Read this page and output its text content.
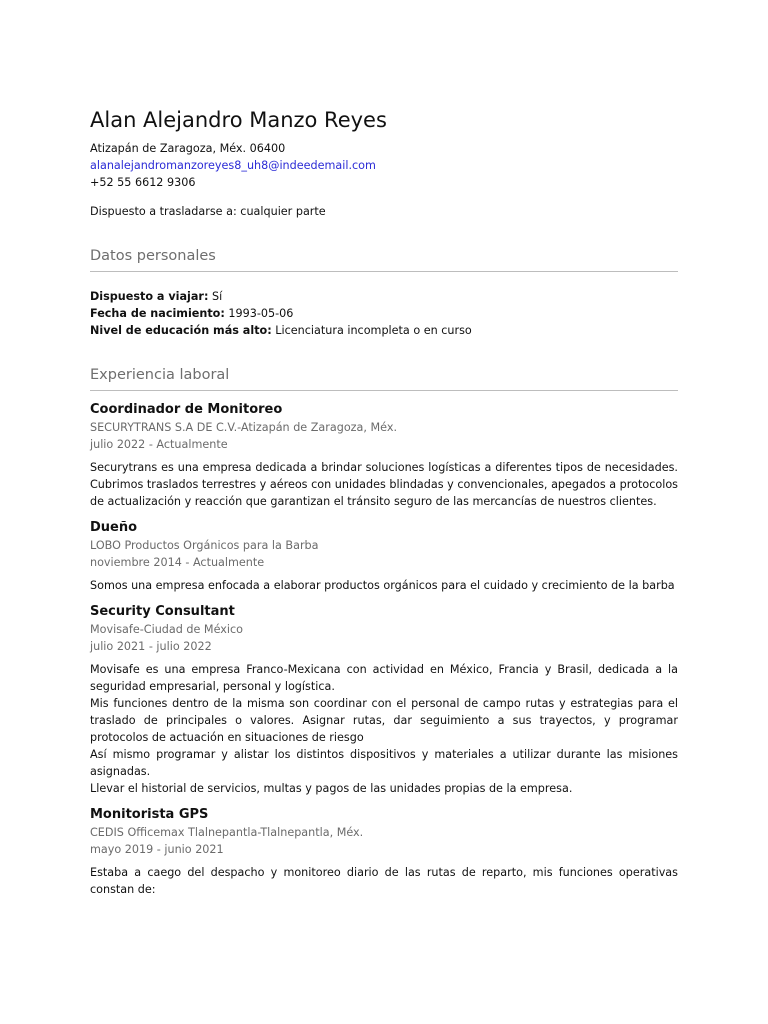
Alan Alejandro Manzo Reyes
Atizapán de Zaragoza, Méx. 06400
alanalejandromanzoreyes8_uh8@indeedemail.com
+52 55 6612 9306
Dispuesto a trasladarse a: cualquier parte
Datos personales
Dispuesto a viajar: Sí
Fecha de nacimiento: 1993-05-06
Nivel de educación más alto: Licenciatura incompleta o en curso
Experiencia laboral
Coordinador de Monitoreo
SECURYTRANS S.A DE C.V.-Atizapán de Zaragoza, Méx.
julio 2022 - Actualmente

Securytrans es una empresa dedicada a brindar soluciones logísticas a diferentes tipos de necesidades. Cubrimos traslados terrestres y aéreos con unidades blindadas y convencionales, apegados a protocolos de actualización y reacción que garantizan el tránsito seguro de las mercancías de nuestros clientes.

Dueño
LOBO Productos Orgánicos para la Barba
noviembre 2014 - Actualmente

Somos una empresa enfocada a elaborar productos orgánicos para el cuidado y crecimiento de la barba

Security Consultant
Movisafe-Ciudad de México
julio 2021 - julio 2022

Movisafe es una empresa Franco-Mexicana con actividad en México, Francia y Brasil, dedicada a la seguridad empresarial, personal y logística.

Mis funciones dentro de la misma son coordinar con el personal de campo rutas y estrategias para el traslado de principales o valores. Asignar rutas, dar seguimiento a sus trayectos, y programar protocolos de actuación en situaciones de riesgo

Así mismo programar y alistar los distintos dispositivos y materiales a utilizar durante las misiones asignadas.

Llevar el historial de servicios, multas y pagos de las unidades propias de la empresa.

Monitorista GPS
CEDIS Officemax Tlalnepantla-Tlalnepantla, Méx.
mayo 2019 - junio 2021

Estaba a caego del despacho y monitoreo diario de las rutas de reparto, mis funciones operativas constan de:
